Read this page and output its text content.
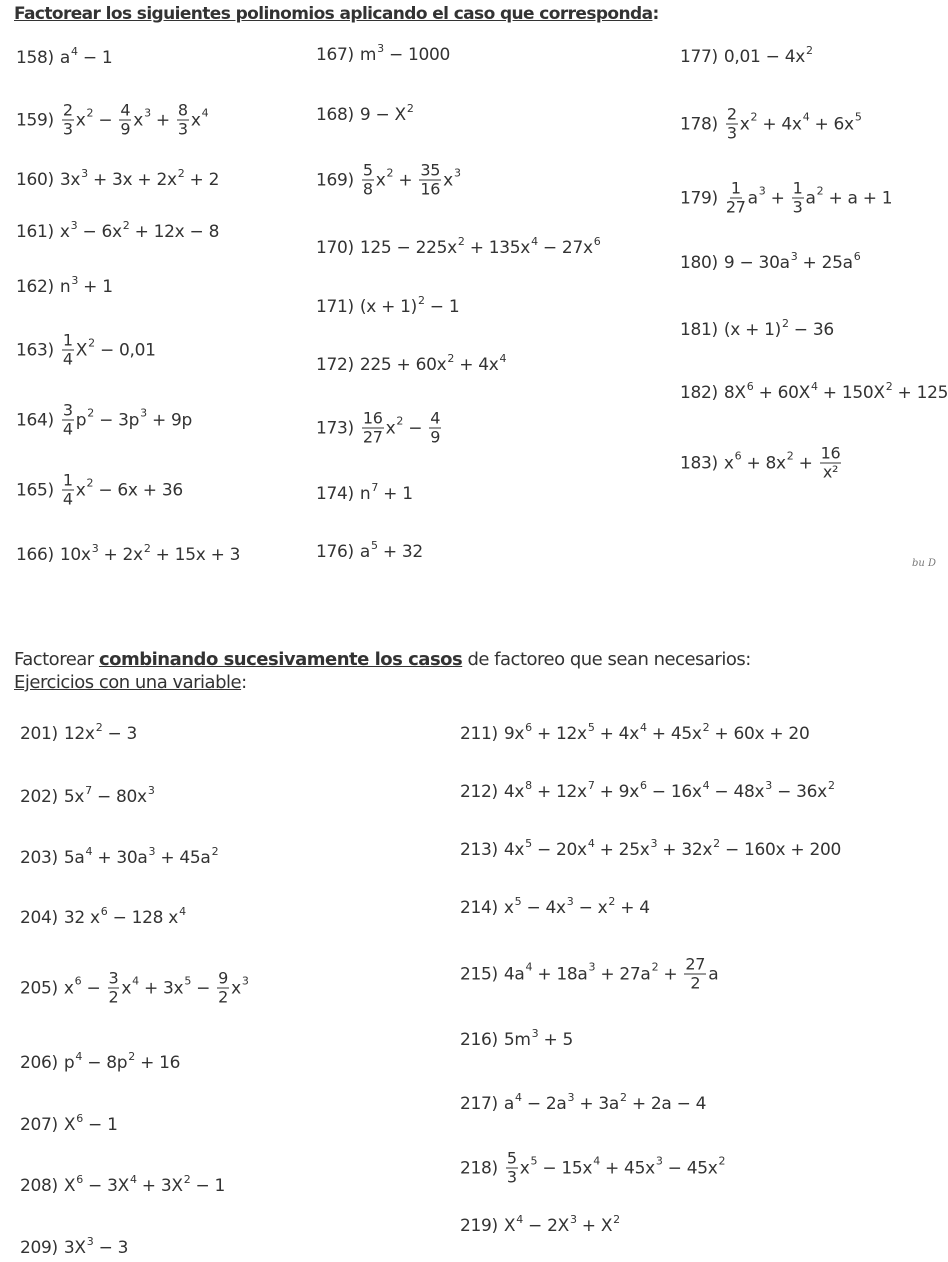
Factorear los siguientes polinomios aplicando el caso que corresponda:
158) $a^4 - 1$
$159) \frac{2}{3} x^2 - \frac{4}{9} x^3 + \frac{8}{3} x^4$
160) $3x^3 + 3x + 2x^2 + 2$
161) $x^3 - 6x^2 + 12x - 8$
162) $n^3 + 1$
$163) \frac{1}{4} X^2 - 0,01$
$164) \frac{3}{4} p^2 - 3p^3 + 9p$
$165) \frac{1}{4} x^2 - 6x + 36$
166) $10x^3 + 2x^2 + 15x + 3$
167) $m^3 - 1000$
168) $9 - X^2$
$169) \frac{5}{8} x^2 + \frac{35}{16} x^3$
170) $125 - 225x^2 + 135x^4 - 27x^6$
171) $(x + 1)^2 - 1$
172) $225 + 60x^2 + 4x^4$
$173) \frac{16}{27} x^2 - \frac{4}{9}$
174) $n^7 + 1$
176) $a^5 + 32$
177) $0,01 - 4x^2$
$178) \frac{2}{3} x^2 + 4x^4 + 6x^5$
$179) \frac{1}{27} a^3 + \frac{1}{3} a^2 + a + 1$
180) $9 - 30a^3 + 25a^6$
181) $(x + 1)^2 - 36$
182) $8X^6 + 60X^4 + 150X^2 + 125$
183) $x^6 + 8x^2 + \frac{16}{\text{x²}}$
bu D
Factorear combinando sucesivamente los casos de factoreo que sean necesarios:
Ejercicios con una variable:
201) $12x^2 - 3$
202) $5x^7 - 80x^3$
203) $5a^4 + 30a^3 + 45a^2$
204) 32 $x^6 - 128$ $x^4$
205) $x^6 - \frac{3}{2} x^4 + 3x^5 - \frac{9}{2} x^3$
206) $p^4 - 8p^2 + 16$
207) $X^6 - 1$
208) $X^6 - 3X^4 + 3X^2 - 1$
209) $3X^3 - 3$
211) $9x^6 + 12x^5 + 4x^4 + 45x^2 + 60x + 20$
212) $4x^8 + 12x^7 + 9x^6 - 16x^4 - 48x^3 - 36x^2$
213) $4x^5 - 20x^4 + 25x^3 + 32x^2 - 160x + 200$
214) $x^5 - 4x^3 - x^2 + 4$
215) $4a^4 + 18a^3 + 27a^2 + \frac{27}{2}$ a
216) $5m^3 + 5$
217) $a^4 - 2a^3 + 3a^2 + 2a - 4$
$218) \frac{5}{3} x^5 - 15x^4 + 45x^3 - 45x^2$
219) $X^4 - 2X^3 + X^2$
